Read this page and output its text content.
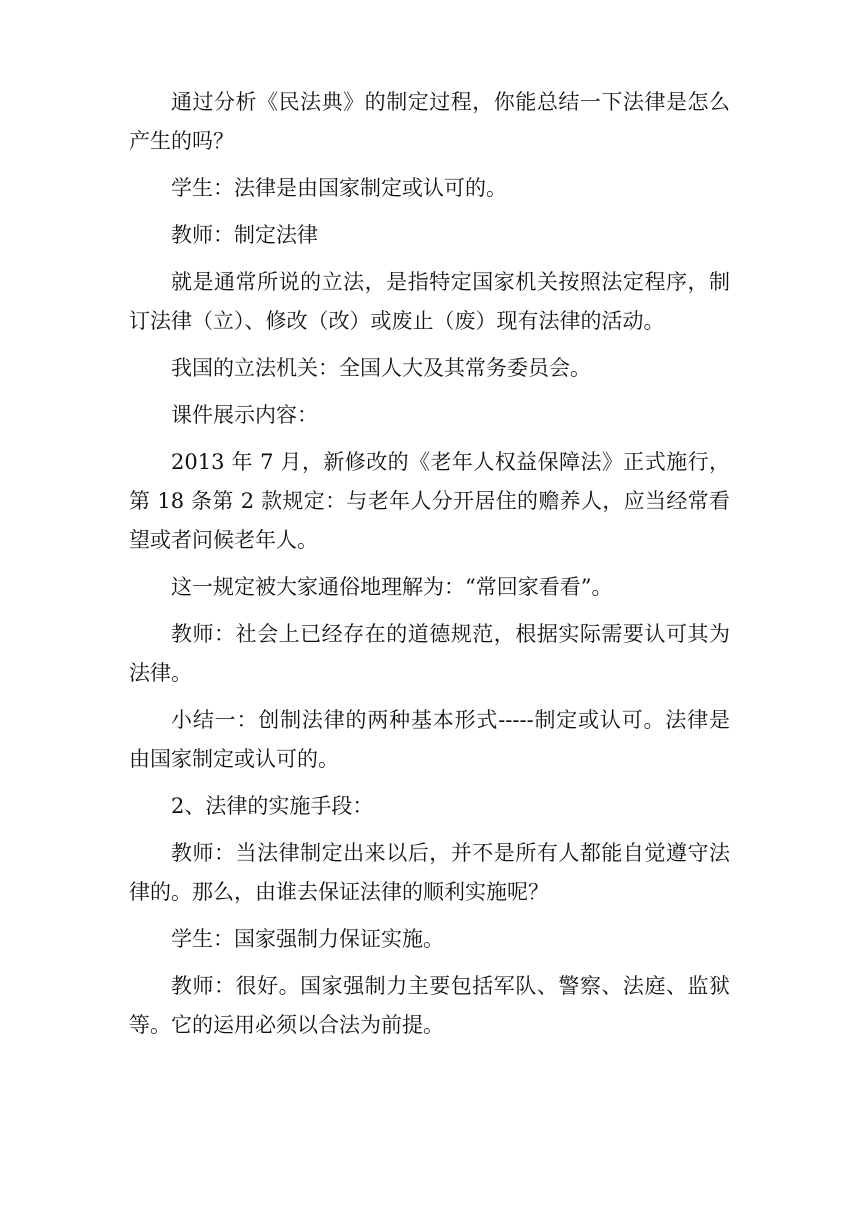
通过分析《民法典》的制定过程，你能总结一下法律是怎么产生的吗？

学生：法律是由国家制定或认可的。

教师：制定法律

就是通常所说的立法，是指特定国家机关按照法定程序，制订法律（立）、修改（改）或废止（废）现有法律的活动。

我国的立法机关：全国人大及其常务委员会。

课件展示内容：

2013 年 7 月，新修改的《老年人权益保障法》正式施行，第 18 条第 2 款规定：与老年人分开居住的赡养人，应当经常看望或者问候老年人。

这一规定被大家通俗地理解为：“常回家看看”。

教师：社会上已经存在的道德规范，根据实际需要认可其为法律。

小结一：创制法律的两种基本形式-----制定或认可。法律是由国家制定或认可的。

2、法律的实施手段：

教师：当法律制定出来以后，并不是所有人都能自觉遵守法律的。那么，由谁去保证法律的顺利实施呢？

学生：国家强制力保证实施。

教师：很好。国家强制力主要包括军队、警察、法庭、监狱等。它的运用必须以合法为前提。
